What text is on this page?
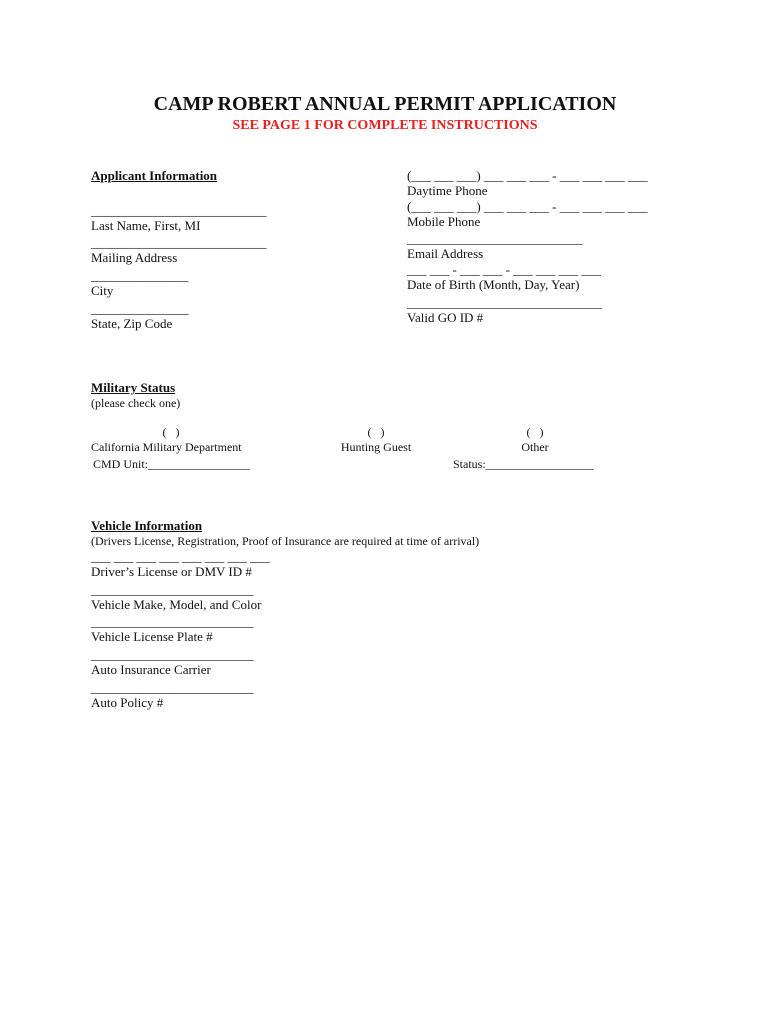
CAMP ROBERT ANNUAL PERMIT APPLICATION
SEE PAGE 1 FOR COMPLETE INSTRUCTIONS
Applicant Information
___________________________
Last Name, First, MI
___________________________
Mailing Address
_______________
City
_______________
State, Zip Code
(___ ___ ___) ___ ___ ___ - ___ ___ ___ ___
Daytime Phone
(___ ___ ___) ___ ___ ___ - ___ ___ ___ ___
Mobile Phone
___________________________
Email Address
___ ___ - ___ ___ - ___ ___ ___ ___
Date of Birth (Month, Day, Year)
______________________________
Valid GO ID #
Military Status
(please check one)
(   )
California Military Department
CMD Unit:_________________
(   )
Hunting Guest
(   )
Other
Status:__________________
Vehicle Information
(Drivers License, Registration, Proof of Insurance are required at time of arrival)
___ ___ ___ ___ ___ ___ ___ ___
Driver’s License or DMV ID #
_________________________
Vehicle Make, Model, and Color
_________________________
Vehicle License Plate #
_________________________
Auto Insurance Carrier
_________________________
Auto Policy #
